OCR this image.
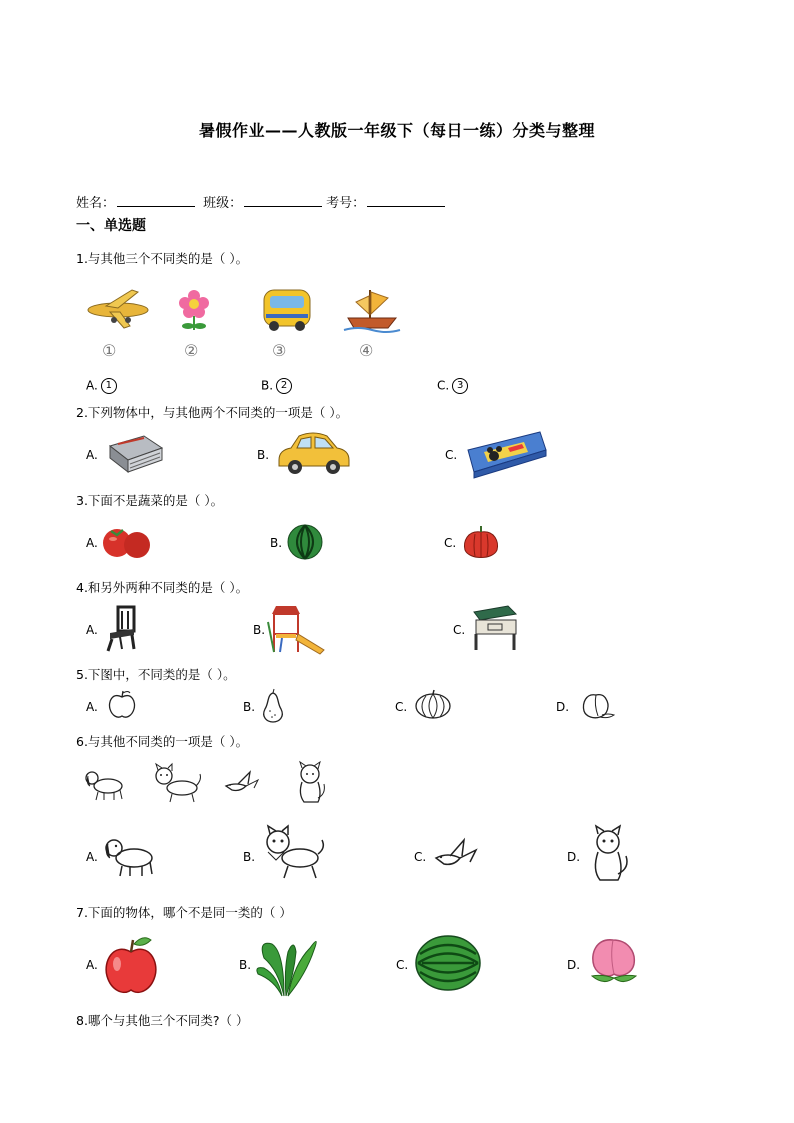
暑假作业——人教版一年级下（每日一练）分类与整理
姓名：	班级：	考号：
一、单选题
1.与其他三个不同类的是（ ）。
①	②	③	④
A. 1	B. 2	C. 3
2.下列物体中，与其他两个不同类的一项是（ ）。
A.	B.	C.
3.下面不是蔬菜的是（ ）。
A.	B.	C.
4.和另外两种不同类的是（ ）。
A.	B.	C.
5.下图中，不同类的是（ ）。
A.	B.	C.	D.
6.与其他不同类的一项是（ ）。
A.	B.	C.	D.
7.下面的物体，哪个不是同一类的（ ）
A.	B.	C.	D.
8.哪个与其他三个不同类?（ ）
